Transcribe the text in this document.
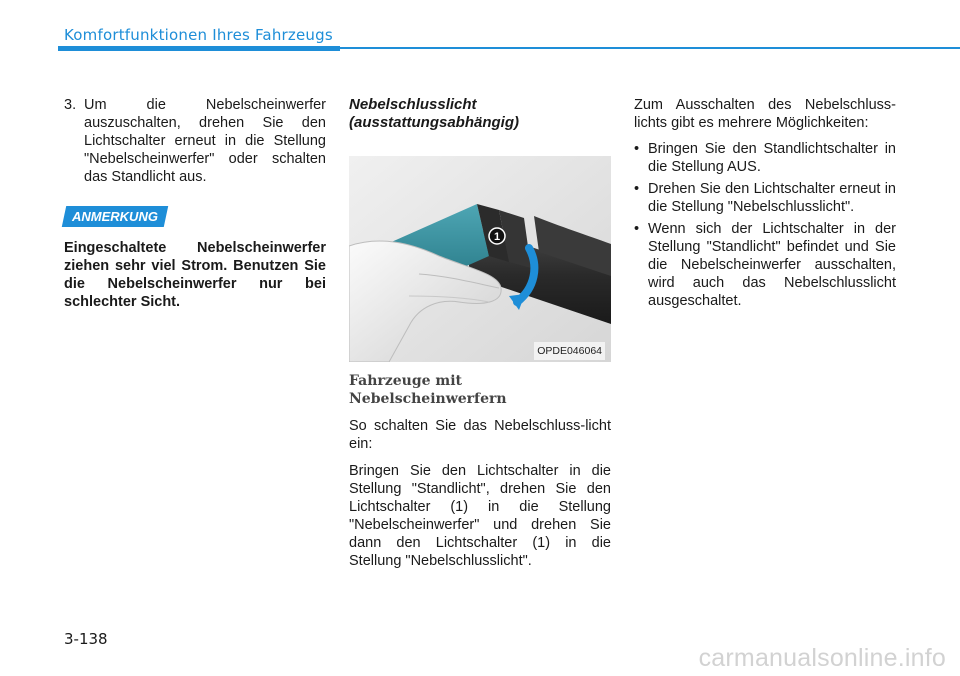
Komfortfunktionen Ihres Fahrzeugs
3. Um die Nebelscheinwerfer auszuschalten, drehen Sie den Lichtschalter erneut in die Stellung "Nebelscheinwerfer" oder schalten das Standlicht aus.
ANMERKUNG
Eingeschaltete Nebelscheinwerfer ziehen sehr viel Strom. Benutzen Sie die Nebelscheinwerfer nur bei schlechter Sicht.
Nebelschlusslicht
(ausstattungsabhängig)
1
OPDE046064
Fahrzeuge mit Nebelscheinwerfern
So schalten Sie das Nebelschluss-licht ein:
Bringen Sie den Lichtschalter in die Stellung "Standlicht", drehen Sie den Lichtschalter (1) in die Stellung "Nebelscheinwerfer" und drehen Sie dann den Lichtschalter (1) in die Stellung "Nebelschlusslicht".
Zum Ausschalten des Nebelschluss-lichts gibt es mehrere Möglichkeiten:
• Bringen Sie den Standlichtschalter in die Stellung AUS.
• Drehen Sie den Lichtschalter erneut in die Stellung "Nebelschlusslicht".
• Wenn sich der Lichtschalter in der Stellung "Standlicht" befindet und Sie die Nebelscheinwerfer ausschalten, wird auch das Nebelschlusslicht ausgeschaltet.
3-138
carmanualsonline.info
